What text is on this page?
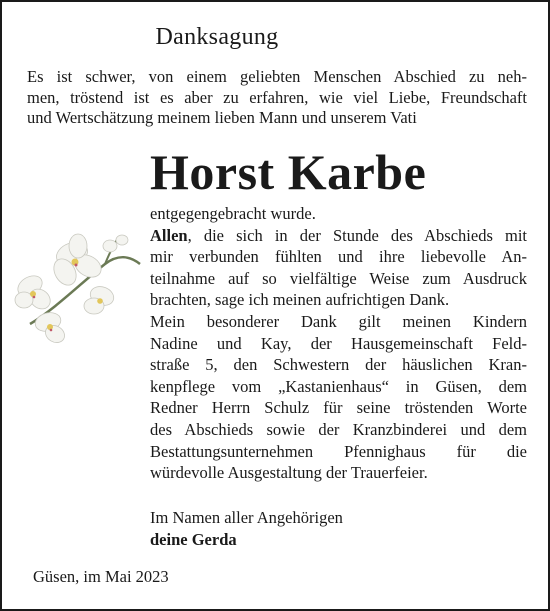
Danksagung
Es ist schwer, von einem geliebten Menschen Abschied zu neh-
men, tröstend ist es aber zu erfahren, wie viel Liebe, Freundschaft
und Wertschätzung meinem lieben Mann und unserem Vati
Horst Karbe
entgegengebracht wurde.
Allen, die sich in der Stunde des Abschieds mit
mir verbunden fühlten und ihre liebevolle An-
teilnahme auf so vielfältige Weise zum Ausdruck
brachten, sage ich meinen aufrichtigen Dank.
Mein besonderer Dank gilt meinen Kindern
Nadine und Kay, der Hausgemeinschaft Feld-
straße 5, den Schwestern der häuslichen Kran-
kenpflege vom „Kastanienhaus“ in Güsen, dem
Redner Herrn Schulz für seine tröstenden Worte
des Abschieds sowie der Kranzbinderei und dem
Bestattungsunternehmen Pfennighaus für die
würdevolle Ausgestaltung der Trauerfeier.
Im Namen aller Angehörigen
deine Gerda
Güsen, im Mai 2023
